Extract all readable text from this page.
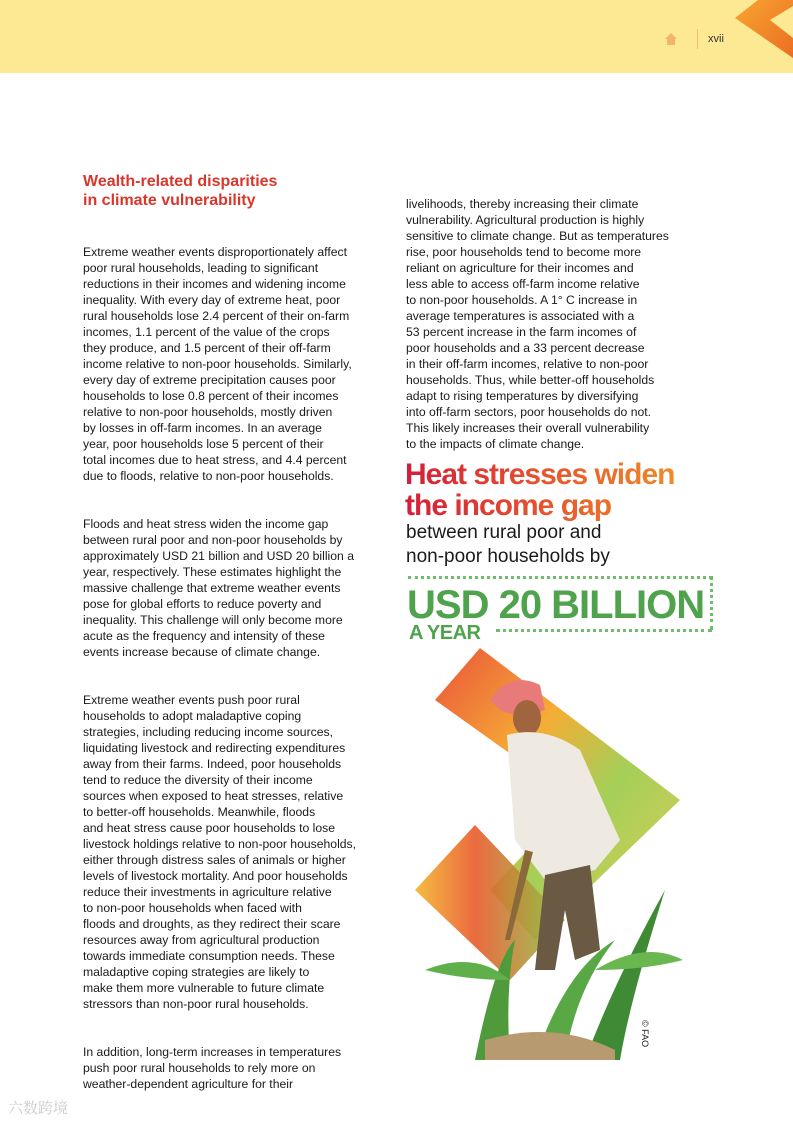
xvii
Wealth-related disparities
in climate vulnerability

Extreme weather events disproportionately affect
poor rural households, leading to significant
reductions in their incomes and widening income
inequality. With every day of extreme heat, poor
rural households lose 2.4 percent of their on-farm
incomes, 1.1 percent of the value of the crops
they produce, and 1.5 percent of their off-farm
income relative to non-poor households. Similarly,
every day of extreme precipitation causes poor
households to lose 0.8 percent of their incomes
relative to non-poor households, mostly driven
by losses in off-farm incomes. In an average
year, poor households lose 5 percent of their
total incomes due to heat stress, and 4.4 percent
due to floods, relative to non-poor households.

Floods and heat stress widen the income gap
between rural poor and non-poor households by
approximately USD 21 billion and USD 20 billion a
year, respectively. These estimates highlight the
massive challenge that extreme weather events
pose for global efforts to reduce poverty and
inequality. This challenge will only become more
acute as the frequency and intensity of these
events increase because of climate change.

Extreme weather events push poor rural
households to adopt maladaptive coping
strategies, including reducing income sources,
liquidating livestock and redirecting expenditures
away from their farms. Indeed, poor households
tend to reduce the diversity of their income
sources when exposed to heat stresses, relative
to better-off households. Meanwhile, floods
and heat stress cause poor households to lose
livestock holdings relative to non-poor households,
either through distress sales of animals or higher
levels of livestock mortality. And poor households
reduce their investments in agriculture relative
to non-poor households when faced with
floods and droughts, as they redirect their scare
resources away from agricultural production
towards immediate consumption needs. These
maladaptive coping strategies are likely to
make them more vulnerable to future climate
stressors than non-poor rural households.

In addition, long-term increases in temperatures
push poor rural households to rely more on
weather-dependent agriculture for their

livelihoods, thereby increasing their climate
vulnerability. Agricultural production is highly
sensitive to climate change. But as temperatures
rise, poor households tend to become more
reliant on agriculture for their incomes and
less able to access off-farm income relative
to non-poor households. A 1° C increase in
average temperatures is associated with a
53 percent increase in the farm incomes of
poor households and a 33 percent decrease
in their off-farm incomes, relative to non-poor
households. Thus, while better-off households
adapt to rising temperatures by diversifying
into off-farm sectors, poor households do not.
This likely increases their overall vulnerability
to the impacts of climate change.

Heat stresses widen
the income gap
between rural poor and
non-poor households by
USD 20 BILLION
A YEAR
© FAO
六数跨境
